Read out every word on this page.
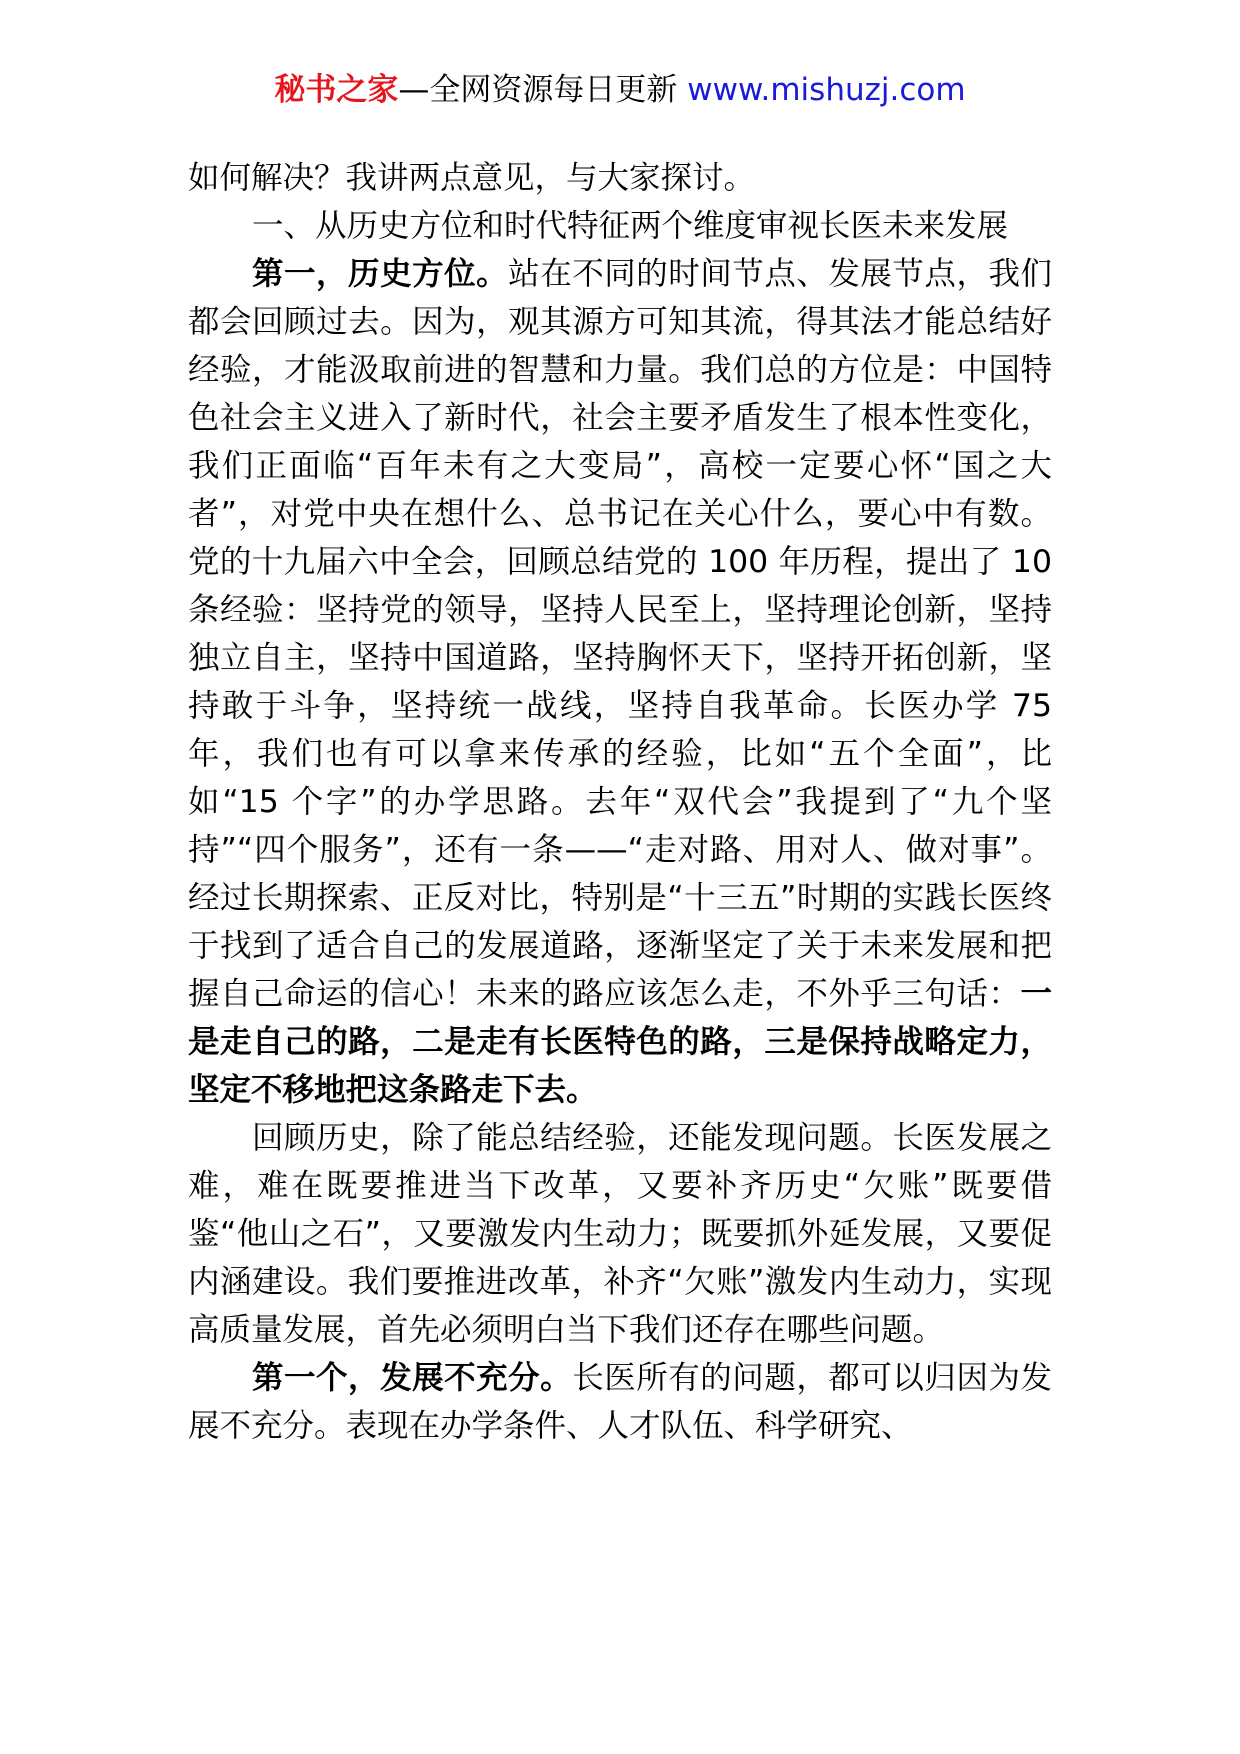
秘书之家—全网资源每日更新 www.mishuzj.com

如何解决？我讲两点意见，与大家探讨。

一、从历史方位和时代特征两个维度审视长医未来发展

第一，历史方位。站在不同的时间节点、发展节点，我们都会回顾过去。因为，观其源方可知其流，得其法才能总结好经验，才能汲取前进的智慧和力量。我们总的方位是：中国特色社会主义进入了新时代，社会主要矛盾发生了根本性变化，我们正面临“百年未有之大变局”，高校一定要心怀“国之大者”，对党中央在想什么、总书记在关心什么，要心中有数。党的十九届六中全会，回顾总结党的 100 年历程，提出了 10 条经验：坚持党的领导，坚持人民至上，坚持理论创新，坚持独立自主，坚持中国道路，坚持胸怀天下，坚持开拓创新，坚持敢于斗争，坚持统一战线，坚持自我革命。长医办学 75 年，我们也有可以拿来传承的经验，比如“五个全面”，比如“15 个字”的办学思路。去年“双代会”我提到了“九个坚持”“四个服务”，还有一条——“走对路、用对人、做对事”。经过长期探索、正反对比，特别是“十三五”时期的实践长医终于找到了适合自己的发展道路，逐渐坚定了关于未来发展和把握自己命运的信心！未来的路应该怎么走，不外乎三句话：一是走自己的路，二是走有长医特色的路，三是保持战略定力，坚定不移地把这条路走下去。

回顾历史，除了能总结经验，还能发现问题。长医发展之难，难在既要推进当下改革，又要补齐历史“欠账”既要借鉴“他山之石”，又要激发内生动力；既要抓外延发展，又要促内涵建设。我们要推进改革，补齐“欠账”激发内生动力，实现高质量发展，首先必须明白当下我们还存在哪些问题。

第一个，发展不充分。长医所有的问题，都可以归因为发展不充分。表现在办学条件、人才队伍、科学研究、
